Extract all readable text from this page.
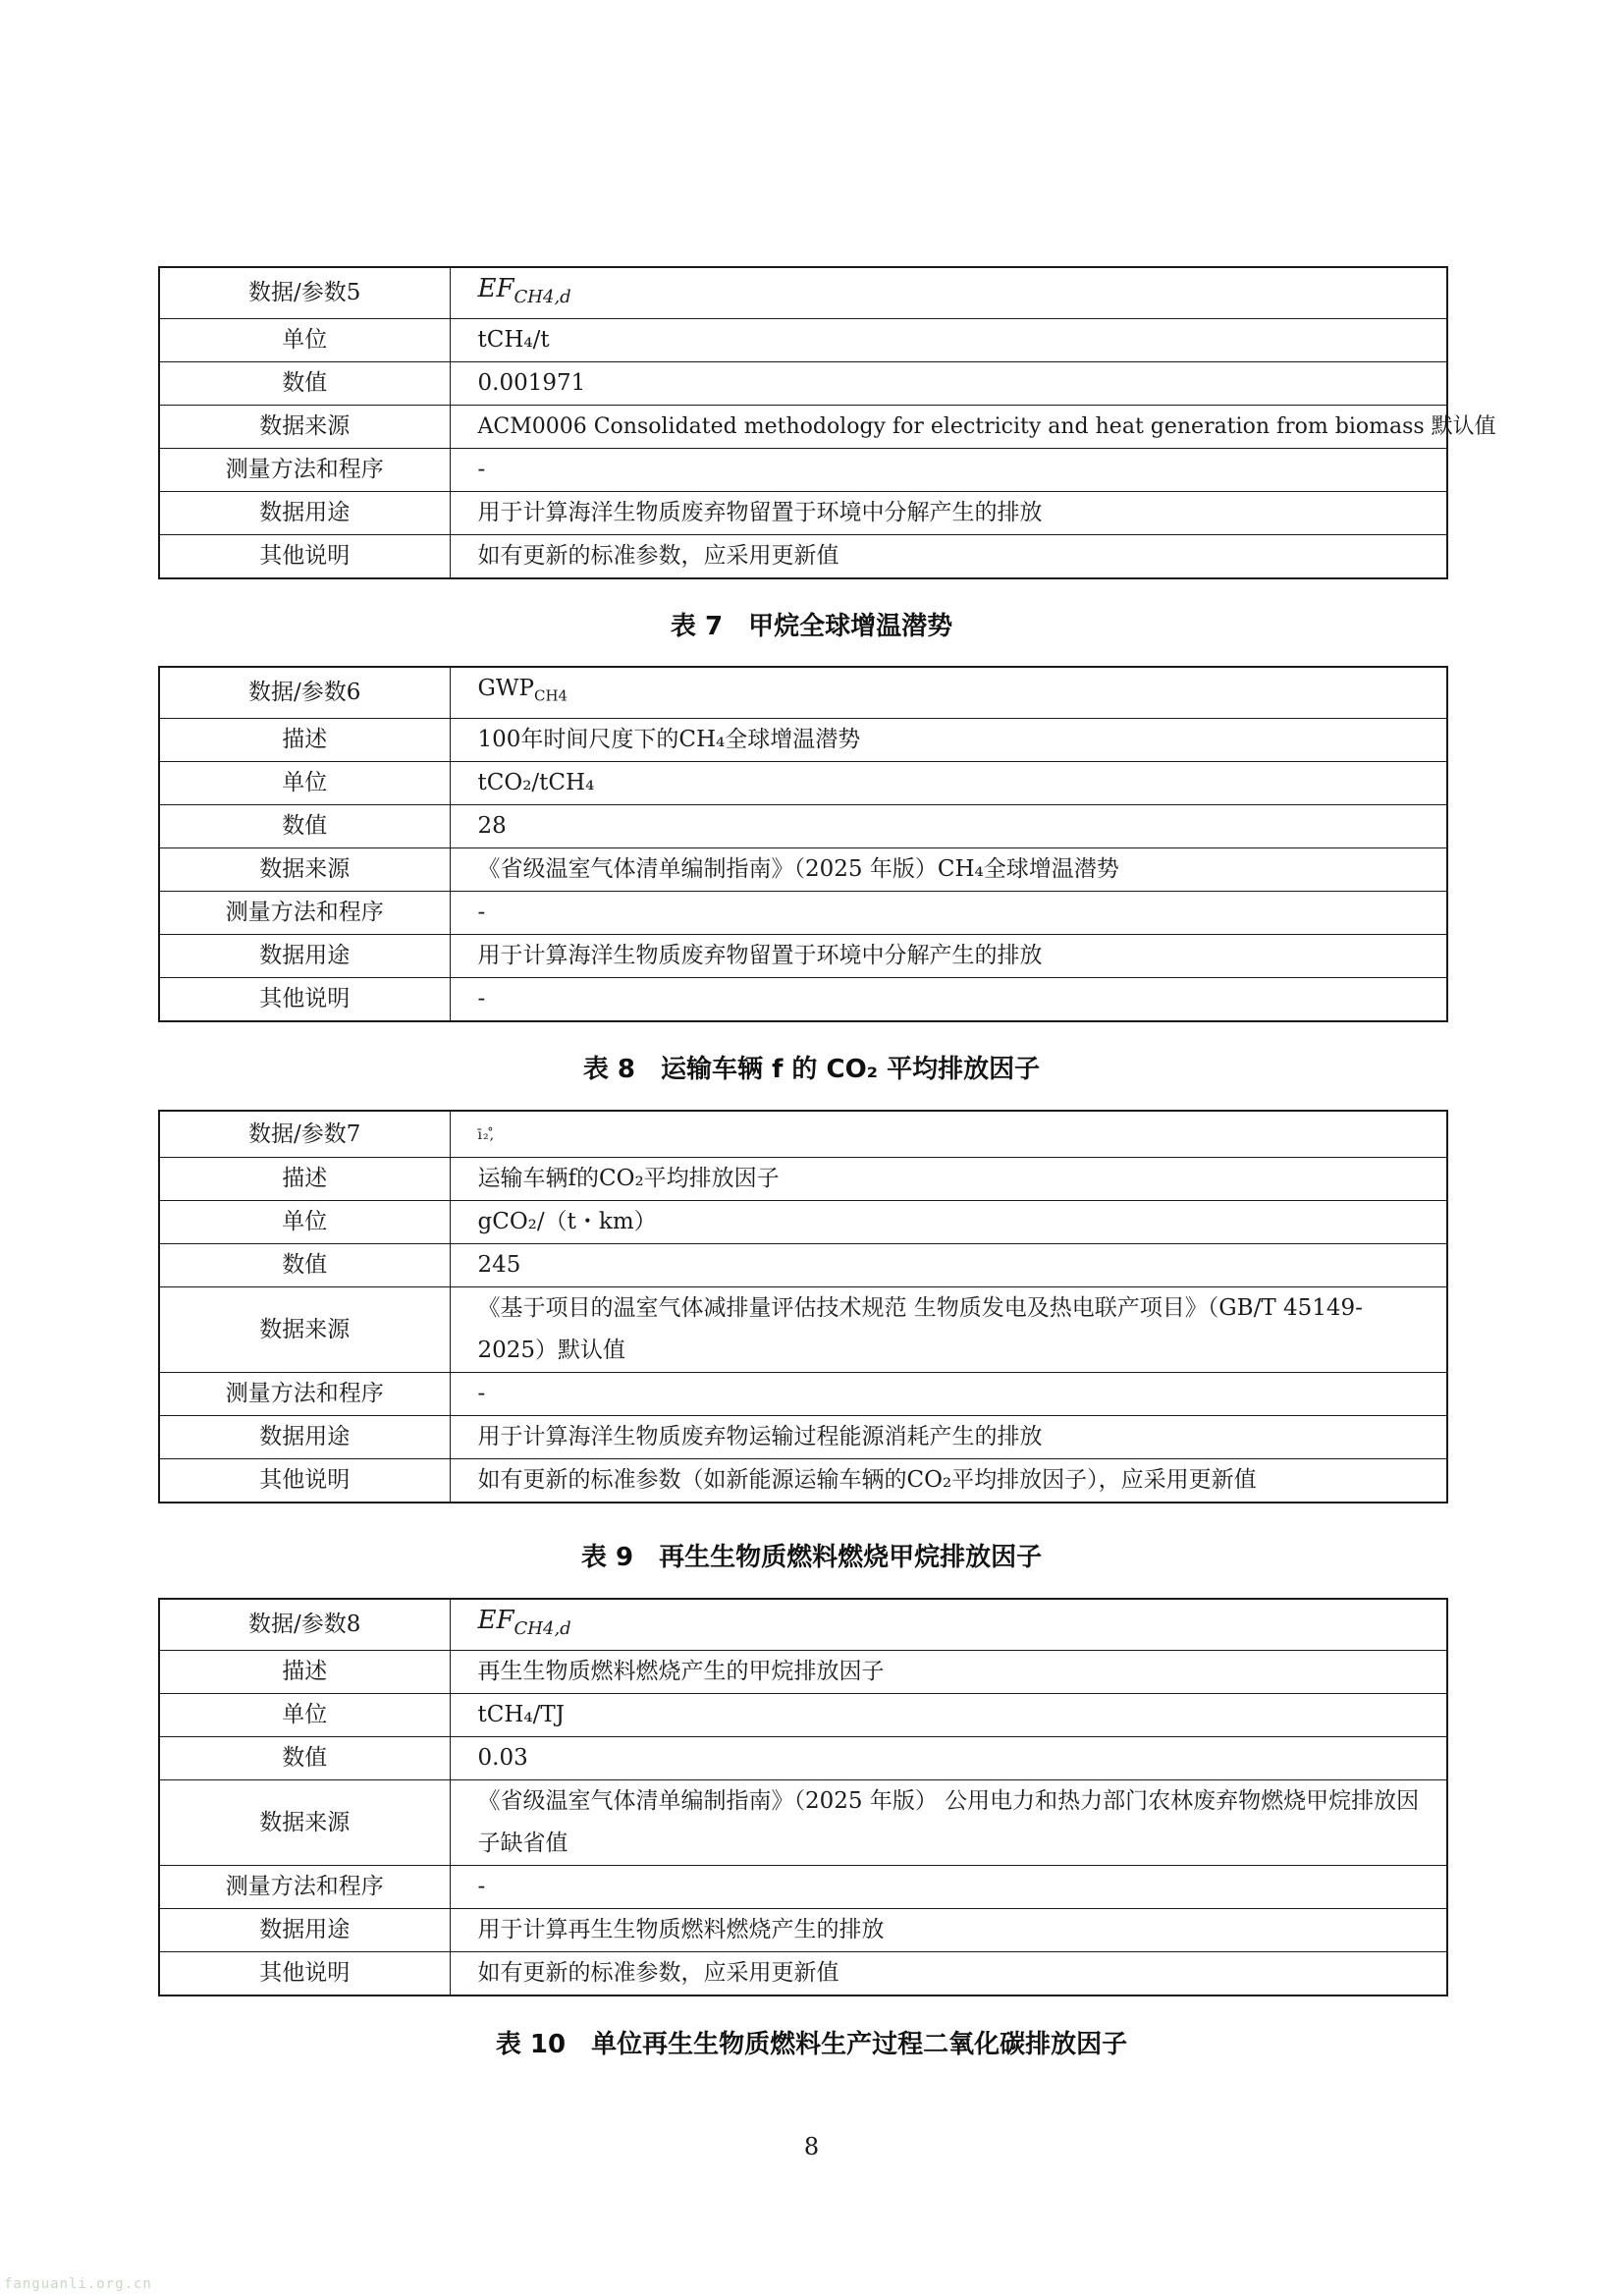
数据/参数5	$EF_{CH4,d}$
单位	tCH₄/t
数值	0.001971
数据来源	ACM0006 Consolidated methodology for electricity and heat generation from biomass 默认值
测量方法和程序	-
数据用途	用于计算海洋生物质废弃物留置于环境中分解产生的排放
其他说明	如有更新的标准参数，应采用更新值
表 7　甲烷全球增温潜势
数据/参数6	$GWP_{CH4}$
描述	100年时间尺度下的CH₄全球增温潜势
单位	tCO₂/tCH₄
数值	28
数据来源	《省级温室气体清单编制指南》（2025 年版）CH₄全球增温潜势
测量方法和程序	-
数据用途	用于计算海洋生物质废弃物留置于环境中分解产生的排放
其他说明	-
表 8　运输车辆 f 的 CO₂ 平均排放因子
数据/参数7	ī₂,̊
描述	运输车辆f的CO₂平均排放因子
单位	gCO₂/（t・km）
数值	245
数据来源	《基于项目的温室气体减排量评估技术规范 生物质发电及热电联产项目》（GB/T 45149-2025）默认值
测量方法和程序	-
数据用途	用于计算海洋生物质废弃物运输过程能源消耗产生的排放
其他说明	如有更新的标准参数（如新能源运输车辆的CO₂平均排放因子），应采用更新值
表 9　再生生物质燃料燃烧甲烷排放因子
数据/参数8	$EF_{CH4,d}$
描述	再生生物质燃料燃烧产生的甲烷排放因子
单位	tCH₄/TJ
数值	0.03
数据来源	《省级温室气体清单编制指南》（2025 年版） 公用电力和热力部门农林废弃物燃烧甲烷排放因子缺省值
测量方法和程序	-
数据用途	用于计算再生生物质燃料燃烧产生的排放
其他说明	如有更新的标准参数，应采用更新值
表 10　单位再生生物质燃料生产过程二氧化碳排放因子
8
fanguanli.org.cn
